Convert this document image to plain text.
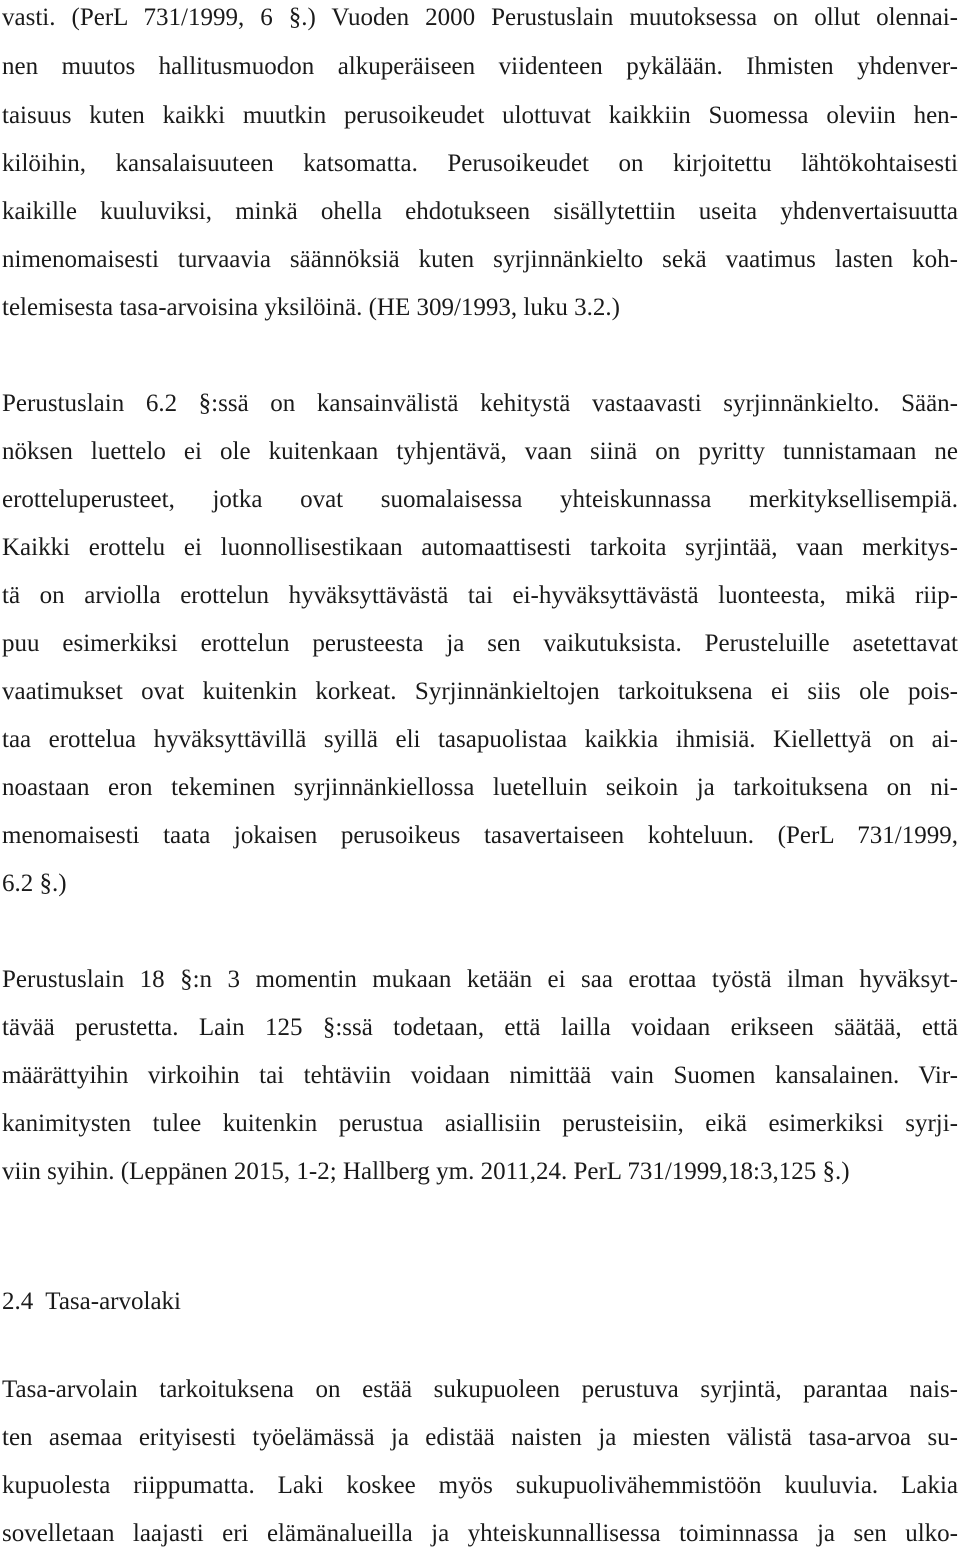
vasti. (PerL 731/1999, 6 §.) Vuoden 2000 Perustuslain muutoksessa on ollut olennai-
nen muutos hallitusmuodon alkuperäiseen viidenteen pykälään. Ihmisten yhdenver-
taisuus kuten kaikki muutkin perusoikeudet ulottuvat kaikkiin Suomessa oleviin hen-
kilöihin, kansalaisuuteen katsomatta. Perusoikeudet on kirjoitettu lähtökohtaisesti
kaikille kuuluviksi, minkä ohella ehdotukseen sisällytettiin useita yhdenvertaisuutta
nimenomaisesti turvaavia säännöksiä kuten syrjinnänkielto sekä vaatimus lasten koh-
telemisesta tasa-arvoisina yksilöinä. (HE 309/1993, luku 3.2.)
Perustuslain 6.2 §:ssä on kansainvälistä kehitystä vastaavasti syrjinnänkielto. Sään-
nöksen luettelo ei ole kuitenkaan tyhjentävä, vaan siinä on pyritty tunnistamaan ne
erotteluperusteet, jotka ovat suomalaisessa yhteiskunnassa merkityksellisempiä.
Kaikki erottelu ei luonnollisestikaan automaattisesti tarkoita syrjintää, vaan merkitys-
tä on arviolla erottelun hyväksyttävästä tai ei-hyväksyttävästä luonteesta, mikä riip-
puu esimerkiksi erottelun perusteesta ja sen vaikutuksista. Perusteluille asetettavat
vaatimukset ovat kuitenkin korkeat. Syrjinnänkieltojen tarkoituksena ei siis ole pois-
taa erottelua hyväksyttävillä syillä eli tasapuolistaa kaikkia ihmisiä. Kiellettyä on ai-
noastaan eron tekeminen syrjinnänkiellossa luetelluin seikoin ja tarkoituksena on ni-
menomaisesti taata jokaisen perusoikeus tasavertaiseen kohteluun. (PerL 731/1999,
6.2 §.)
Perustuslain 18 §:n 3 momentin mukaan ketään ei saa erottaa työstä ilman hyväksyt-
tävää perustetta. Lain 125 §:ssä todetaan, että lailla voidaan erikseen säätää, että
määrättyihin virkoihin tai tehtäviin voidaan nimittää vain Suomen kansalainen. Vir-
kanimitysten tulee kuitenkin perustua asiallisiin perusteisiin, eikä esimerkiksi syrji-
viin syihin. (Leppänen 2015, 1-2; Hallberg ym. 2011,24. PerL 731/1999,18:3,125 §.)
2.4  Tasa-arvolaki
Tasa-arvolain tarkoituksena on estää sukupuoleen perustuva syrjintä, parantaa nais-
ten asemaa erityisesti työelämässä ja edistää naisten ja miesten välistä tasa-arvoa su-
kupuolesta riippumatta. Laki koskee myös sukupuolivähemmistöön kuuluvia. Lakia
sovelletaan laajasti eri elämänalueilla ja yhteiskunnallisessa toiminnassa ja sen ulko-
